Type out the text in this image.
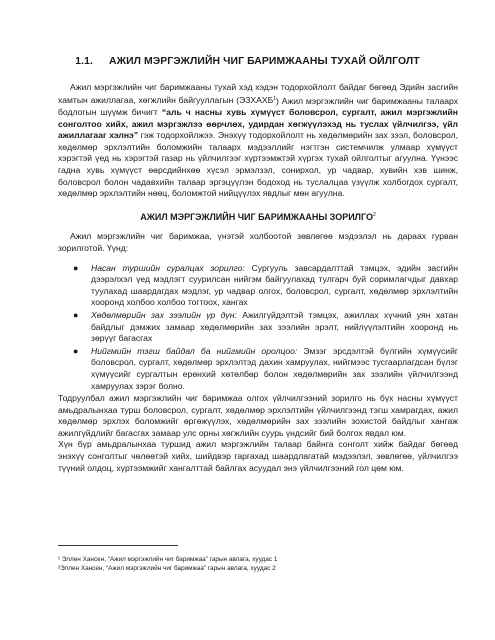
1.1. АЖИЛ МЭРГЭЖЛИЙН ЧИГ БАРИМЖААНЫ ТУХАЙ ОЙЛГОЛТ

Ажил мэргэжлийн чиг баримжааны тухай хэд хэдэн тодорхойлолт байдаг бөгөөд Эдийн засгийн хамтын ажиллагаа, хөгжлийн байгууллагын (ЭЗХАХБ$^1$) Ажил мэргэжлийн чиг баримжааны талаарх бодлогын шүүмж бичигт “аль ч насны хувь хүмүүст боловсрол, сургалт, ажил мэргэжлийн сонголтоо хийх, ажил мэргэжлээ өөрчлөх, удирдан хөгжүүлэхэд нь туслах үйлчилгээ, үйл ажиллагааг хэлнэ” гэж тодорхойлжээ. Энэхүү тодорхойлолт нь хөдөлмөрийн зах зээл, боловсрол, хөдөлмөр эрхлэлтийн боломжийн талаарх мэдээллийг нэгтгэн системчилж улмаар хүмүүст хэрэгтэй үед нь хэрэгтэй газар нь үйлчилгээг хүртээмжтэй хүргэх тухай ойлголтыг агуулна. Үүнээс гадна хувь хүмүүст өөрсдийнхөө хүсэл эрмэлзэл, сонирхол, ур чадвар, хувийн хэв шинж, боловсрол болон чадавхийн талаар эргэцүүлэн бодоход нь туслалцаа үзүүлж холбогдох сургалт, хөдөлмөр эрхлэлтийн нөөц, боломжтой нийцүүлэх явдлыг мөн агуулна.

АЖИЛ МЭРГЭЖЛИЙН ЧИГ БАРИМЖААНЫ ЗОРИЛГО$^2$

Ажил мэргэжлийн чиг баримжаа, үнэтэй холбоотой зөвлөгөө мэдээлэл нь дараах гурван зорилготой. Үүнд:

● Насан туршийн суралцах зорилго: Сургууль завсардалттай тэмцэх, эдийн засгийн дээрэлхэл үед мэдлэгт суурилсан нийгэм байгуулахад тулгарч буй соримлагчдыг давхар туулахад шаардагдах мэдлэг, ур чадвар олгох, боловсрол, сургалт, хөдөлмөр эрхлэлтийн хооронд холбоо холбоо тогтоох, хангах
● Хөдөлмөрийн зах зээлийн үр дүн: Ажилгүйдэлтэй тэмцэх, ажиллах хүчний уян хатан байдлыг дэмжих замаар хөдөлмөрийн зах зээлийн эрэлт, нийлүүлэлтийн хооронд нь зөрүүг багасгах
● Нийгмийн тэгш байдал ба нийгмийн оролцоо: Эмзэг эрсдэлтэй бүлгийн хүмүүсийг боловсрол, сургалт, хөдөлмөр эрхлэлтэд дахин хамруулах, нийгмээс тусгаарлагдсан бүлэг хүмүүсийг сургалтын ерөнхий хөтөлбөр болон хөдөлмөрийн зах зээлийн үйлчилгээнд хамруулах зэрэг болно.

Тодруулбал ажил мэргэжлийн чиг баримжаа олгох үйлчилгээний зорилго нь бүх насны хүмүүст амьдралынхаа турш боловсрол, сургалт, хөдөлмөр эрхлэлтийн үйлчилгээнд тэгш хамрагдах, ажил хөдөлмөр эрхлэх боломжийг өргөжүүлэх, хөдөлмөрийн зах зээлийн зохистой байдлыг хангаж ажилгүйдлийг багасгах замаар улс орны хөгжлийн суурь үндсийг бий болгох явдал юм.

Хүн бүр амьдралынхаа туршид ажил мэргэжлийн талаар байнга сонголт хийж байдаг бөгөөд энэхүү сонголтыг чөлөөтэй хийх, шийдвэр гаргахад шаардлагатай мэдээлэл, зөвлөгөө, үйлчилгээ түүний олдоц, хүртээмжийг хангалттай байлгах асуудал энэ үйлчилгээний гол цөм юм.

¹ Эллен Хансен, “Ажил мэргэжлийн чиг баримжаа” гарын авлага, хуудас 1
²Эллен Хансен, “Ажил мэргэжлийн чиг баримжаа” гарын авлага, хуудас 2
